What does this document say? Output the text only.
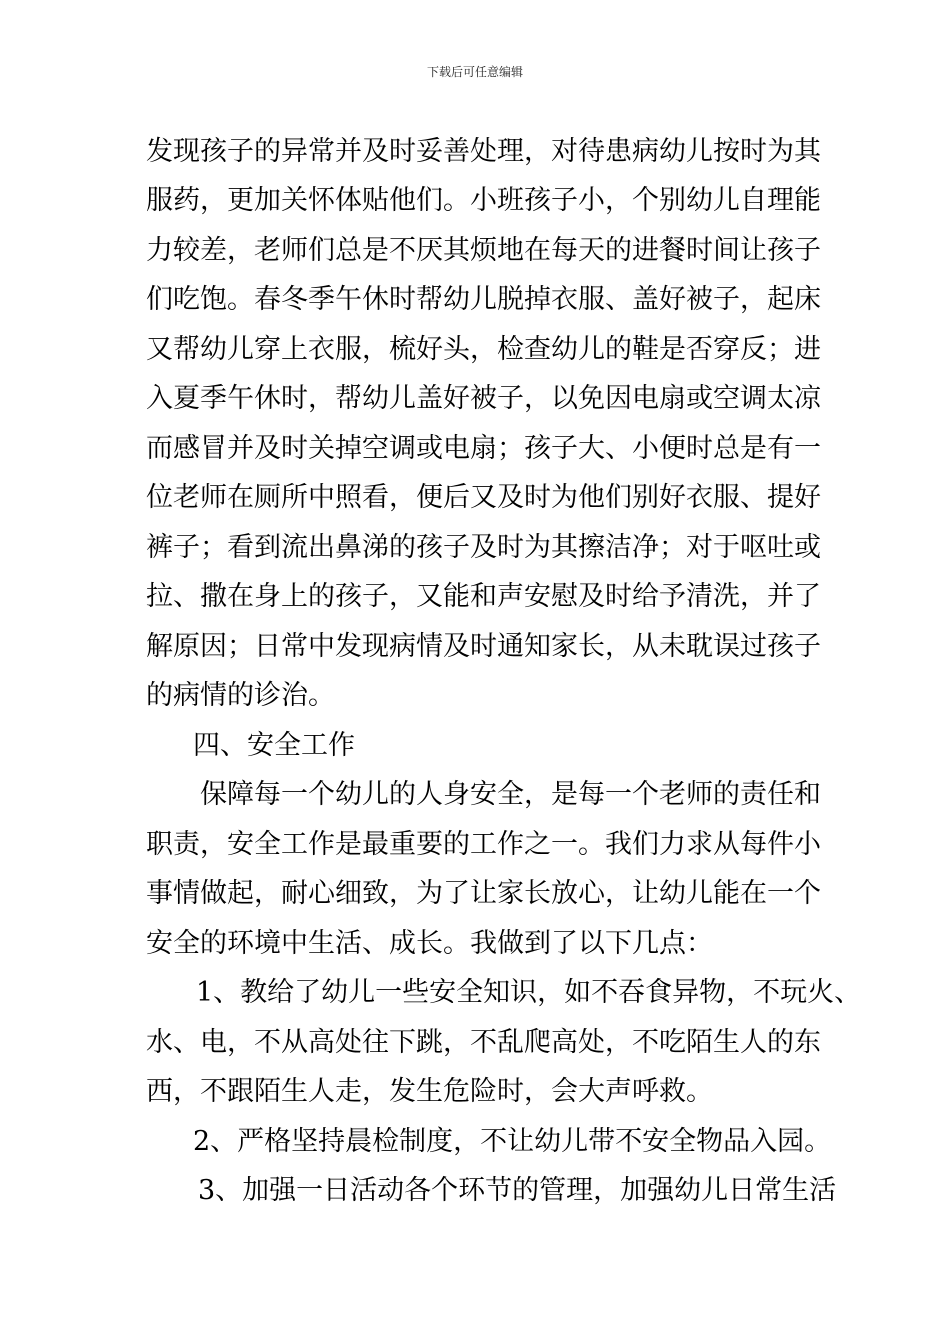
下载后可任意编辑
发现孩子的异常并及时妥善处理，对待患病幼儿按时为其
服药，更加关怀体贴他们。小班孩子小，个别幼儿自理能
力较差，老师们总是不厌其烦地在每天的进餐时间让孩子
们吃饱。春冬季午休时帮幼儿脱掉衣服、盖好被子，起床
又帮幼儿穿上衣服，梳好头，检查幼儿的鞋是否穿反；进
入夏季午休时，帮幼儿盖好被子，以免因电扇或空调太凉
而感冒并及时关掉空调或电扇；孩子大、小便时总是有一
位老师在厕所中照看，便后又及时为他们别好衣服、提好
裤子；看到流出鼻涕的孩子及时为其擦洁净；对于呕吐或
拉、撒在身上的孩子，又能和声安慰及时给予清洗，并了
解原因；日常中发现病情及时通知家长，从未耽误过孩子
的病情的诊治。
四、安全工作
保障每一个幼儿的人身安全，是每一个老师的责任和
职责，安全工作是最重要的工作之一。我们力求从每件小
事情做起，耐心细致，为了让家长放心，让幼儿能在一个
安全的环境中生活、成长。我做到了以下几点：
1、教给了幼儿一些安全知识，如不吞食异物，不玩火、
水、电，不从高处往下跳，不乱爬高处，不吃陌生人的东
西，不跟陌生人走，发生危险时，会大声呼救。
2、严格坚持晨检制度，不让幼儿带不安全物品入园。
3、加强一日活动各个环节的管理，加强幼儿日常生活
